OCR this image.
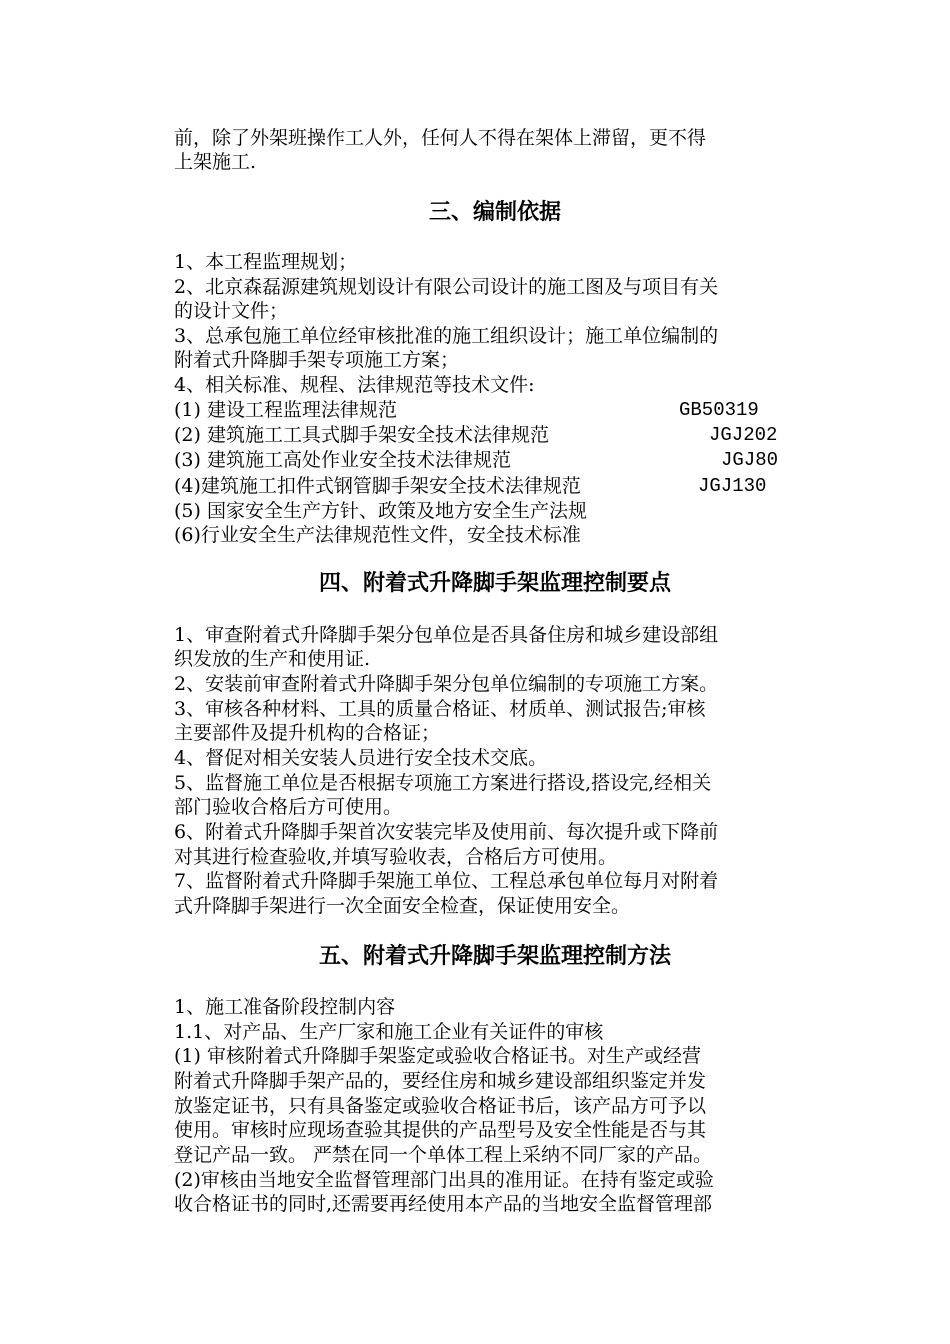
前，除了外架班操作工人外，任何人不得在架体上滞留，更不得
上架施工.
三、编制依据
1、本工程监理规划；
2、北京森磊源建筑规划设计有限公司设计的施工图及与项目有关
的设计文件；
3、总承包施工单位经审核批准的施工组织设计；施工单位编制的
附着式升降脚手架专项施工方案；
4、相关标准、规程、法律规范等技术文件:
(1) 建设工程监理法律规范	GB50319
(2) 建筑施工工具式脚手架安全技术法律规范	JGJ202
(3) 建筑施工高处作业安全技术法律规范	JGJ80
(4)建筑施工扣件式钢管脚手架安全技术法律规范	JGJ130
(5) 国家安全生产方针、政策及地方安全生产法规
(6)行业安全生产法律规范性文件，安全技术标准
四、附着式升降脚手架监理控制要点
1、审查附着式升降脚手架分包单位是否具备住房和城乡建设部组
织发放的生产和使用证.
2、安装前审查附着式升降脚手架分包单位编制的专项施工方案。
3、审核各种材料、工具的质量合格证、材质单、测试报告;审核
主要部件及提升机构的合格证；
4、督促对相关安装人员进行安全技术交底。
5、监督施工单位是否根据专项施工方案进行搭设,搭设完,经相关
部门验收合格后方可使用。
6、附着式升降脚手架首次安装完毕及使用前、每次提升或下降前
对其进行检查验收,并填写验收表，合格后方可使用。
7、监督附着式升降脚手架施工单位、工程总承包单位每月对附着
式升降脚手架进行一次全面安全检查，保证使用安全。
五、附着式升降脚手架监理控制方法
1、施工准备阶段控制内容
1.1、对产品、生产厂家和施工企业有关证件的审核
(1) 审核附着式升降脚手架鉴定或验收合格证书。对生产或经营
附着式升降脚手架产品的，要经住房和城乡建设部组织鉴定并发
放鉴定证书，只有具备鉴定或验收合格证书后，该产品方可予以
使用。审核时应现场查验其提供的产品型号及安全性能是否与其
登记产品一致。 严禁在同一个单体工程上采纳不同厂家的产品。
(2)审核由当地安全监督管理部门出具的准用证。在持有鉴定或验
收合格证书的同时,还需要再经使用本产品的当地安全监督管理部
